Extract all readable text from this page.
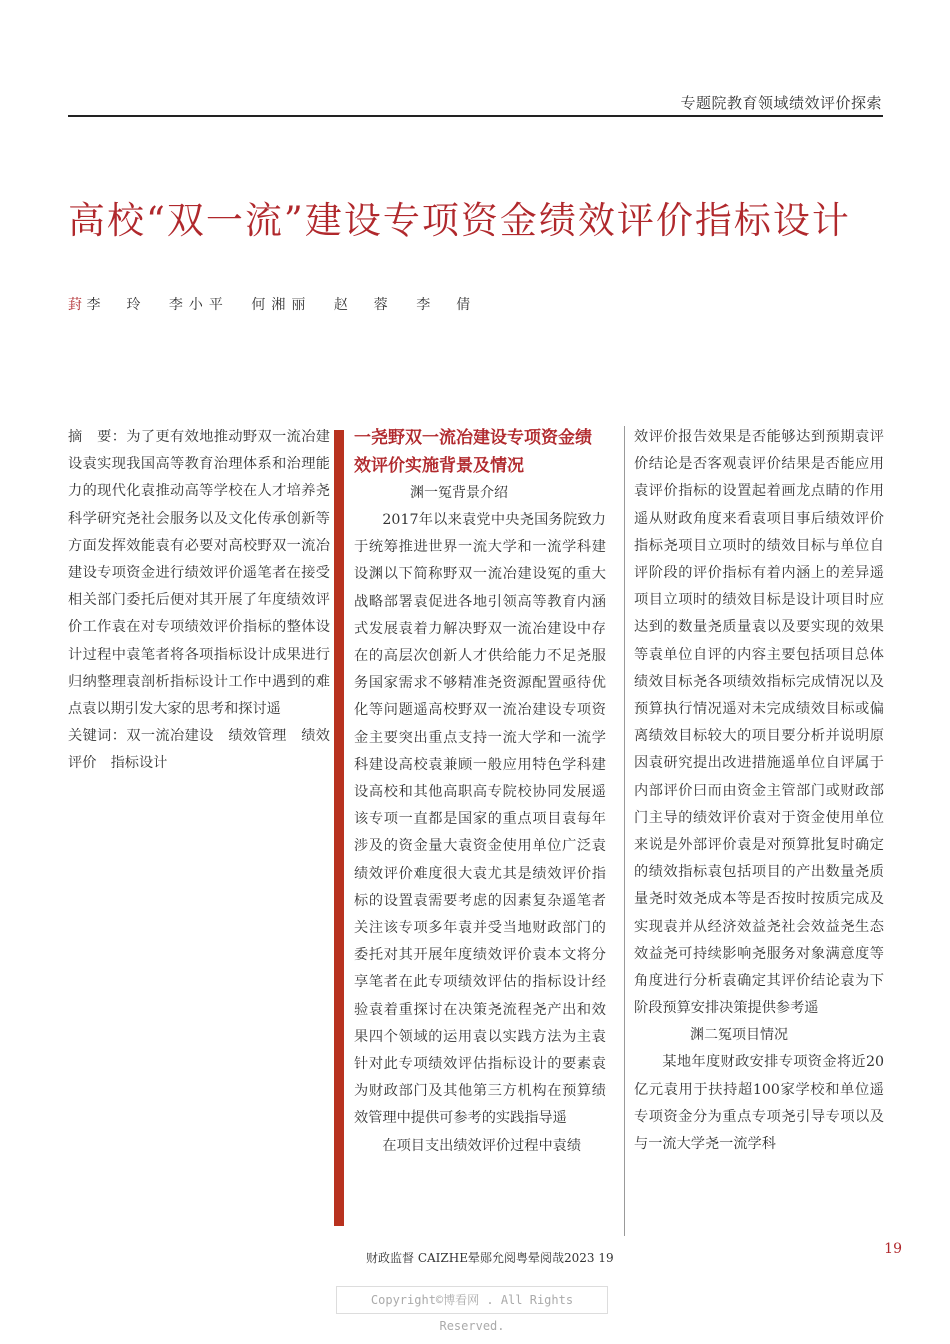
专题院教育领域绩效评价探索
高校“双一流”建设专项资金绩效评价指标设计
葑 李　玲 李小平 何湘丽 赵　蓉 李　倩

摘　要：为了更有效地推动野双一流冶建设袁实现我国高等教育治理体系和治理能力的现代化袁推动高等学校在人才培养尧科学研究尧社会服务以及文化传承创新等方面发挥效能袁有必要对高校野双一流冶建设专项资金进行绩效评价遥笔者在接受相关部门委托后便对其开展了年度绩效评价工作袁在对专项绩效评价指标的整体设计过程中袁笔者将各项指标设计成果进行归纳整理袁剖析指标设计工作中遇到的难点袁以期引发大家的思考和探讨遥

关键词：双一流冶建设　绩效管理　绩效评价　指标设计

一尧野双一流冶建设专项资金绩效评价实施背景及情况

渊一冤背景介绍

2017年以来袁党中央尧国务院致力于统筹推进世界一流大学和一流学科建设渊以下简称野双一流冶建设冤的重大战略部署袁促进各地引领高等教育内涵式发展袁着力解决野双一流冶建设中存在的高层次创新人才供给能力不足尧服务国家需求不够精准尧资源配置亟待优化等问题遥高校野双一流冶建设专项资金主要突出重点支持一流大学和一流学科建设高校袁兼顾一般应用特色学科建设高校和其他高职高专院校协同发展遥该专项一直都是国家的重点项目袁每年涉及的资金量大袁资金使用单位广泛袁绩效评价难度很大袁尤其是绩效评价指标的设置袁需要考虑的因素复杂遥笔者关注该专项多年袁并受当地财政部门的委托对其开展年度绩效评价袁本文将分享笔者在此专项绩效评估的指标设计经验袁着重探讨在决策尧流程尧产出和效果四个领域的运用袁以实践方法为主袁针对此专项绩效评估指标设计的要素袁为财政部门及其他第三方机构在预算绩效管理中提供可参考的实践指导遥

在项目支出绩效评价过程中袁绩

效评价报告效果是否能够达到预期袁评价结论是否客观袁评价结果是否能应用袁评价指标的设置起着画龙点睛的作用遥从财政角度来看袁项目事后绩效评价指标尧项目立项时的绩效目标与单位自评阶段的评价指标有着内涵上的差异遥项目立项时的绩效目标是设计项目时应达到的数量尧质量袁以及要实现的效果等袁单位自评的内容主要包括项目总体绩效目标尧各项绩效指标完成情况以及预算执行情况遥对未完成绩效目标或偏离绩效目标较大的项目要分析并说明原因袁研究提出改进措施遥单位自评属于内部评价曰而由资金主管部门或财政部门主导的绩效评价袁对于资金使用单位来说是外部评价袁是对预算批复时确定的绩效指标袁包括项目的产出数量尧质量尧时效尧成本等是否按时按质完成及实现袁并从经济效益尧社会效益尧生态效益尧可持续影响尧服务对象满意度等角度进行分析袁确定其评价结论袁为下阶段预算安排决策提供参考遥

渊二冤项目情况

某地年度财政安排专项资金将近20亿元袁用于扶持超100家学校和单位遥专项资金分为重点专项尧引导专项以及与一流大学尧一流学科

财政监督 CAIZHE晕郧允阅粤晕阅哉2023 19
19
Copyright©博看网 . All Rights Reserved.
